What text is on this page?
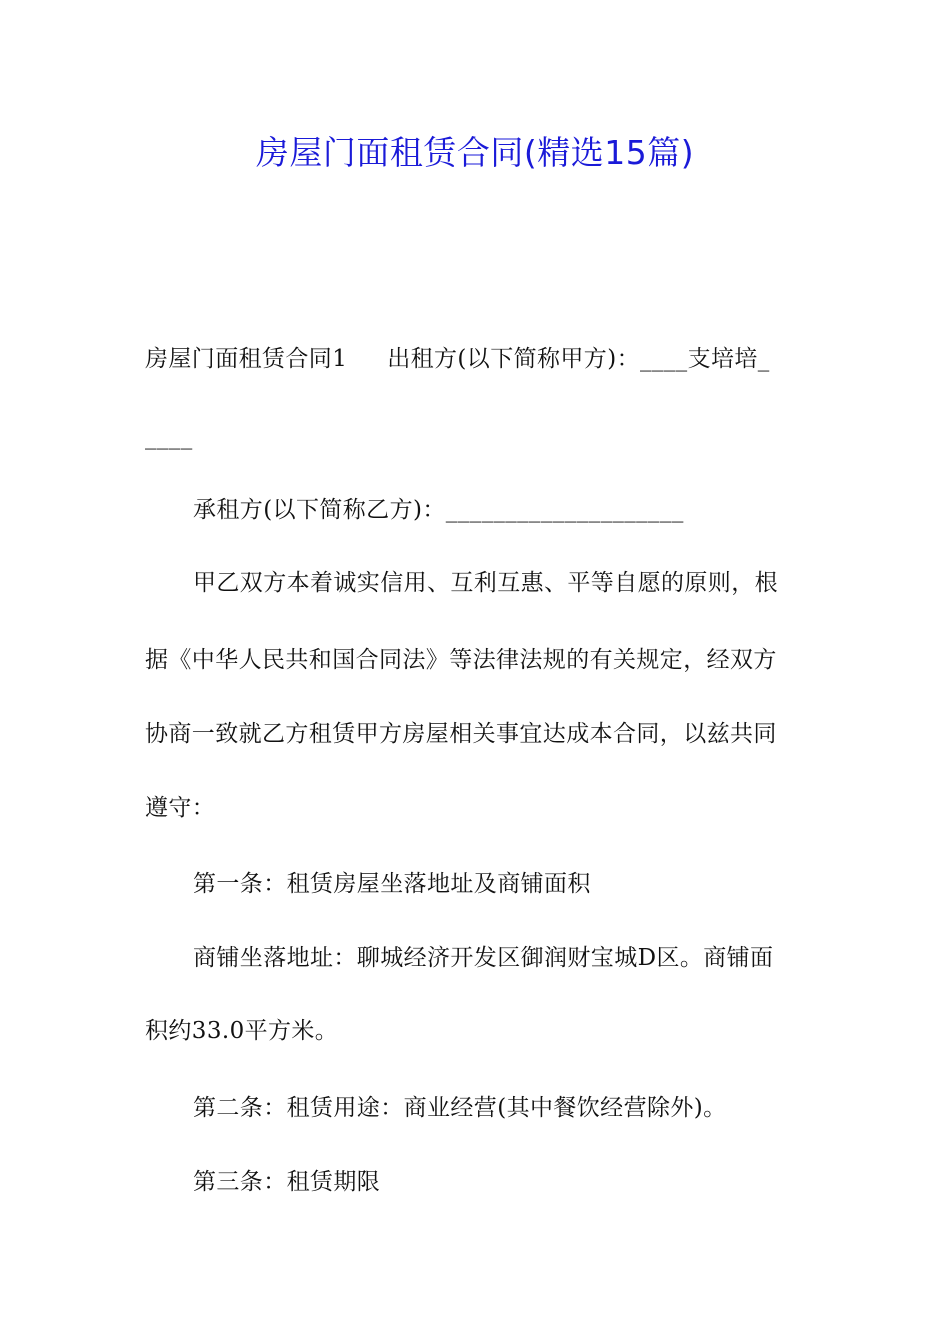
房屋门面租赁合同(精选15篇)
房屋门面租赁合同1 出租方(以下简称甲方)：____支培培_
____
承租方(以下简称乙方)：____________________
甲乙双方本着诚实信用、互利互惠、平等自愿的原则，根
据《中华人民共和国合同法》等法律法规的有关规定，经双方
协商一致就乙方租赁甲方房屋相关事宜达成本合同，以兹共同
遵守：
第一条：租赁房屋坐落地址及商铺面积
商铺坐落地址：聊城经济开发区御润财宝城D区。商铺面
积约33.0平方米。
第二条：租赁用途：商业经营(其中餐饮经营除外)。
第三条：租赁期限
